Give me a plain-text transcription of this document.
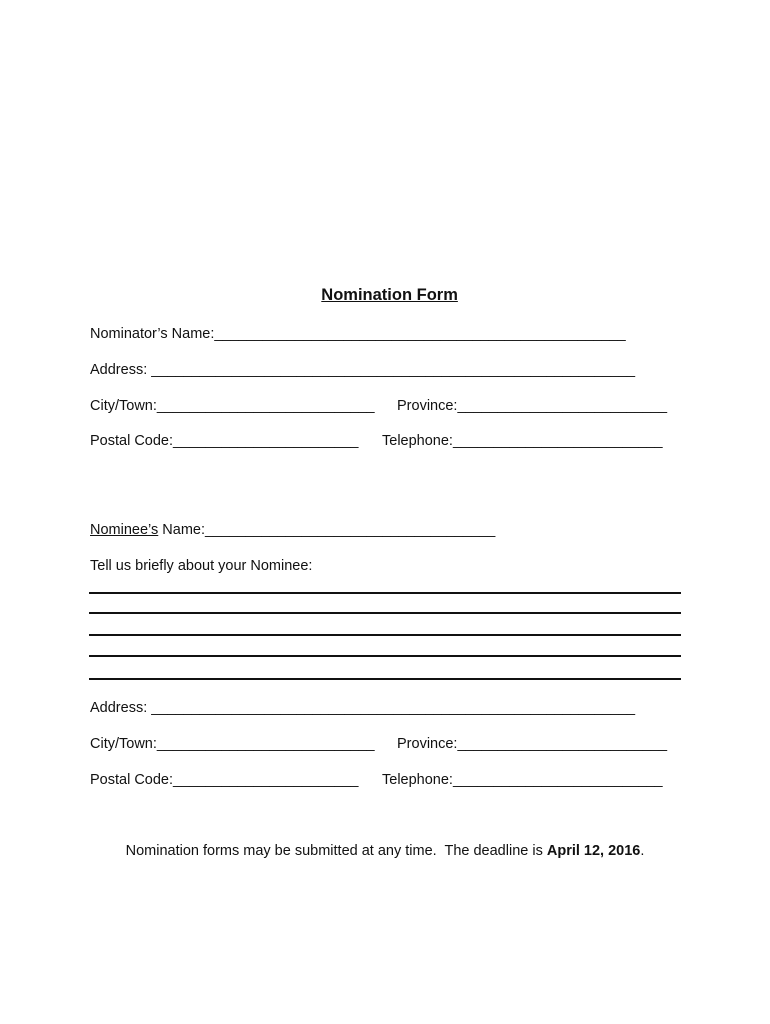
Nomination Form

Nominator’s Name:___________________________________________________
Address: ____________________________________________________________
City/Town:___________________________ Province:__________________________
Postal Code:_______________________ Telephone:__________________________
Nominee’s Name:____________________________________
Tell us briefly about your Nominee:
Address: ____________________________________________________________
City/Town:___________________________ Province:__________________________
Postal Code:_______________________ Telephone:__________________________
Nomination forms may be submitted at any time.  The deadline is April 12, 2016.
